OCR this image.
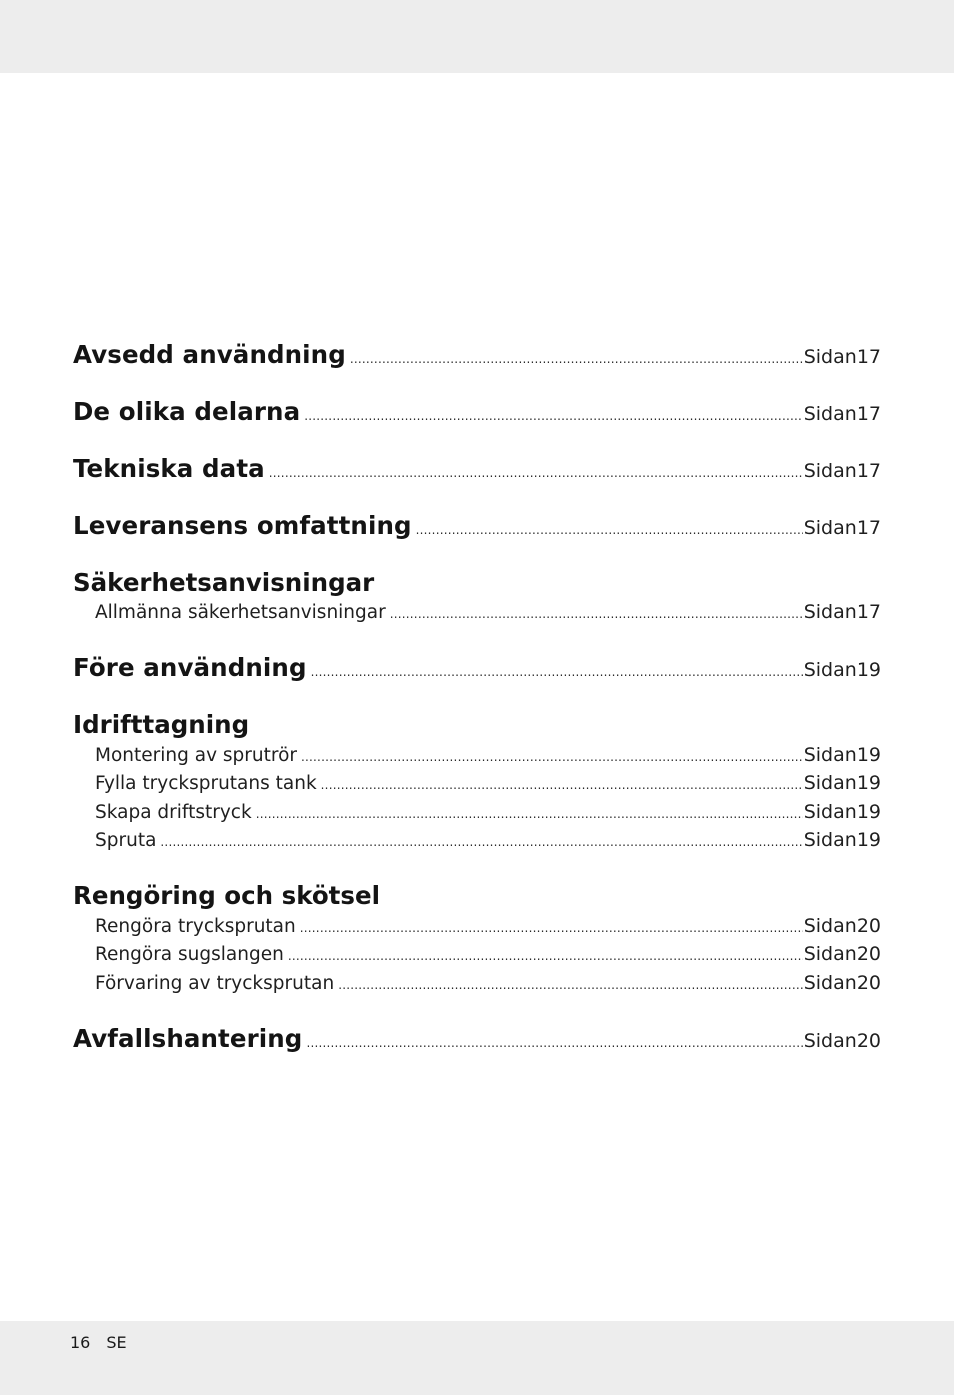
Avsedd användning .....	Sidan 17
De olika delarna .....	Sidan 17
Tekniska data .....	Sidan 17
Leveransens omfattning .....	Sidan 17
Säkerhetsanvisningar
Allmänna säkerhetsanvisningar .....	Sidan 17
Före användning .....	Sidan 19
Idrifttagning
Montering av sprutrör .....	Sidan 19
Fylla trycksprutans tank .....	Sidan 19
Skapa driftstryck .....	Sidan 19
Spruta .....	Sidan 19
Rengöring och skötsel
Rengöra trycksprutan .....	Sidan 20
Rengöra sugslangen .....	Sidan 20
Förvaring av trycksprutan .....	Sidan 20
Avfallshantering .....	Sidan 20
16 SE
